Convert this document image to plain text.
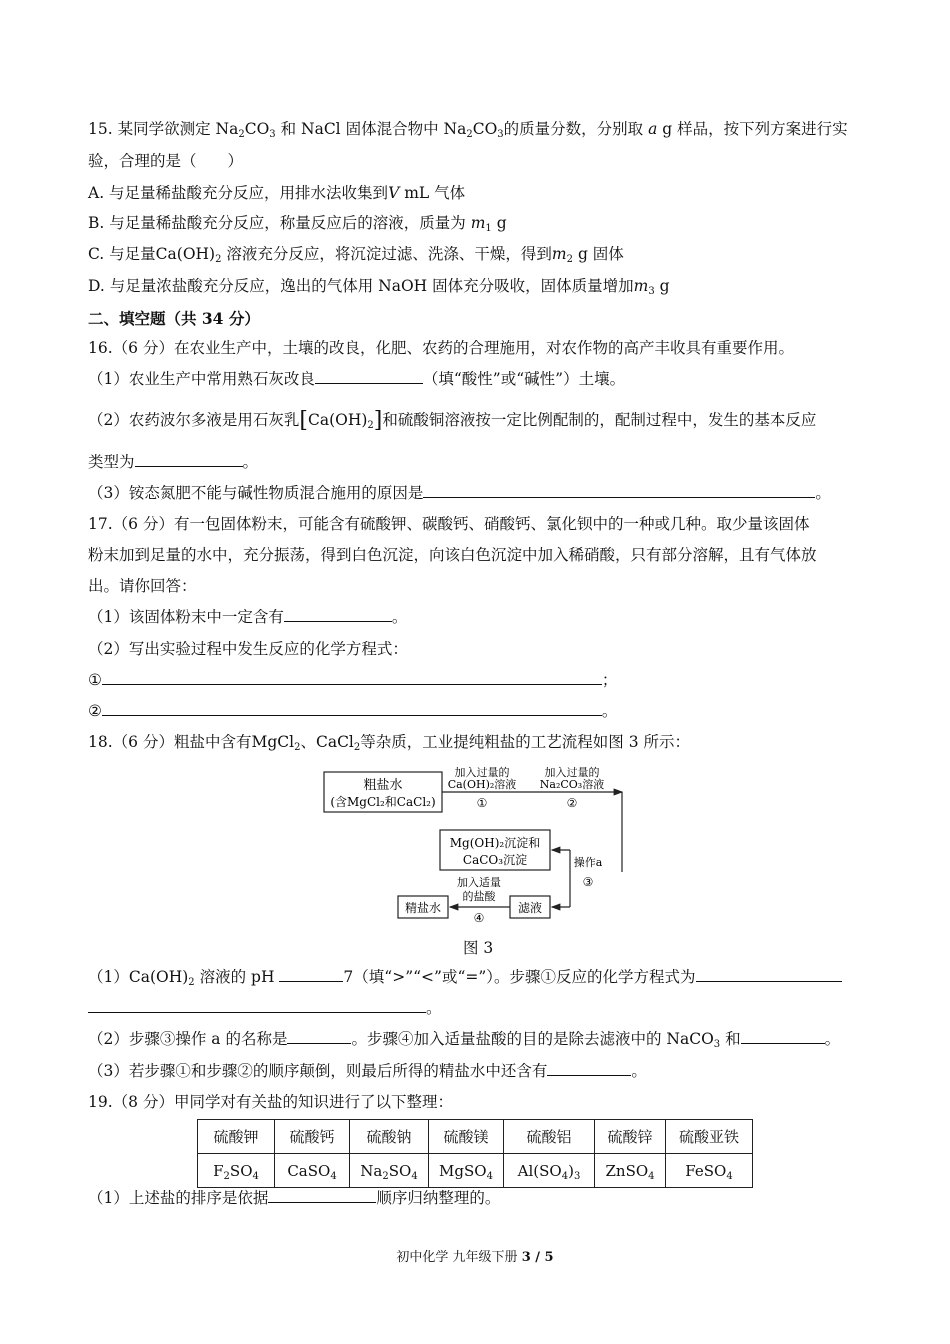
15. 某同学欲测定 $Na_2CO_3$ 和 NaCl 固体混合物中 $Na_2CO_3$的质量分数，分别取 a g 样品，按下列方案进行实
验，合理的是（　　）
A. 与足量稀盐酸充分反应，用排水法收集到V mL 气体
B. 与足量稀盐酸充分反应，称量反应后的溶液，质量为 $m_1$ g
C. 与足量$Ca(OH)_2$ 溶液充分反应，将沉淀过滤、洗涤、干燥，得到$m_2$ g 固体
D. 与足量浓盐酸充分反应，逸出的气体用 NaOH 固体充分吸收，固体质量增加$m_3$ g
二、填空题（共 34 分）
16.（6 分）在农业生产中，土壤的改良，化肥、农药的合理施用，对农作物的高产丰收具有重要作用。
（1）农业生产中常用熟石灰改良	（填“酸性”或“碱性”）土壤。
（2）农药波尔多液是用石灰乳$[Ca(OH)_2]$和硫酸铜溶液按一定比例配制的，配制过程中，发生的基本反应
类型为	。
（3）铵态氮肥不能与碱性物质混合施用的原因是	。
17.（6 分）有一包固体粉末，可能含有硫酸钾、碳酸钙、硝酸钙、氯化钡中的一种或几种。取少量该固体
粉末加到足量的水中，充分振荡，得到白色沉淀，向该白色沉淀中加入稀硝酸，只有部分溶解，且有气体放
出。请你回答：
（1）该固体粉末中一定含有	。
（2）写出实验过程中发生反应的化学方程式：
①	；
②	。
18.（6 分）粗盐中含有MgCl$_2$、CaCl$_2$等杂质，工业提纯粗盐的工艺流程如图 3 所示：
粗盐水
(含MgCl₂和CaCl₂)
加入过量的
Ca(OH)₂溶液
①
加入过量的
Na₂CO₃溶液
②
Mg(OH)₂沉淀和
CaCO₃沉淀	操作a
③
滤液
精盐水
加入适量
的盐酸
④
图 3
$(1)Ca(OH)_2$ 溶液的 pH	7（填“>”“<”或“=”）。步骤①反应的化学方程式为
。
（2）步骤③操作 a 的名称是	。步骤④加入适量盐酸的目的是除去滤液中的 NaCO$_3$ 和	。
（3）若步骤①和步骤②的顺序颠倒，则最后所得的精盐水中还含有	。
19.（8 分）甲同学对有关盐的知识进行了以下整理：
硫酸钾	硫酸钙	硫酸钠	硫酸镁	硫酸铝	硫酸锌	硫酸亚铁
$F_2SO_4$	CaSO$_4$	$Na_2SO_4$	MgSO$_4$	$Al(SO_4)_3$	ZnSO$_4$	FeSO$_4$
（1）上述盐的排序是依据	顺序归纳整理的。
初中化学 九年级下册 3 / 5
